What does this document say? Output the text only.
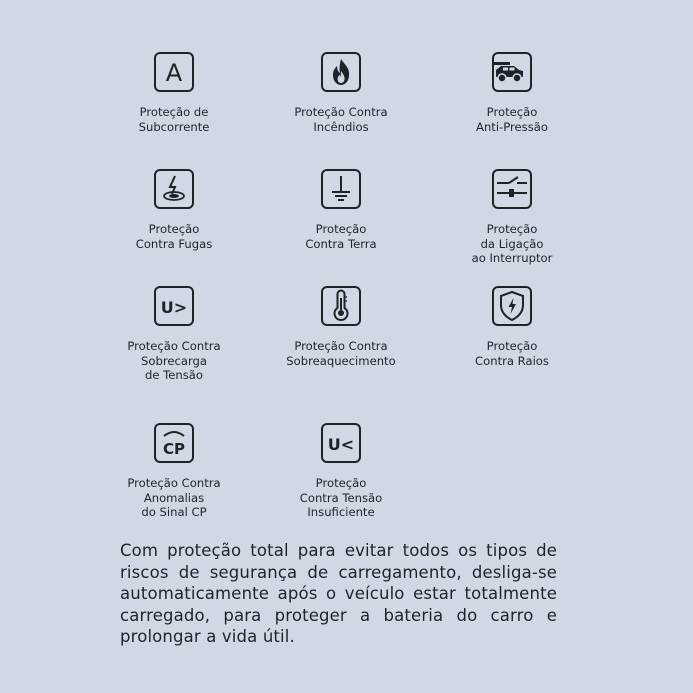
A
Proteção de
Subcorrente
Proteção Contra
Incêndios
Proteção
Anti-Pressão
Proteção
Contra Fugas
Proteção
Contra Terra
Proteção
da Ligação
ao Interruptor
U>
Proteção Contra
Sobrecarga
de Tensão
Proteção Contra
Sobreaquecimento
Proteção
Contra Raios
CP
Proteção Contra
Anomalias
do Sinal CP
U<
Proteção
Contra Tensão
Insuficiente
Com proteção total para evitar todos os tipos de riscos de segurança de carregamento, desliga-se automaticamente após o veículo estar totalmente carregado, para proteger a bateria do carro e prolongar a vida útil.
